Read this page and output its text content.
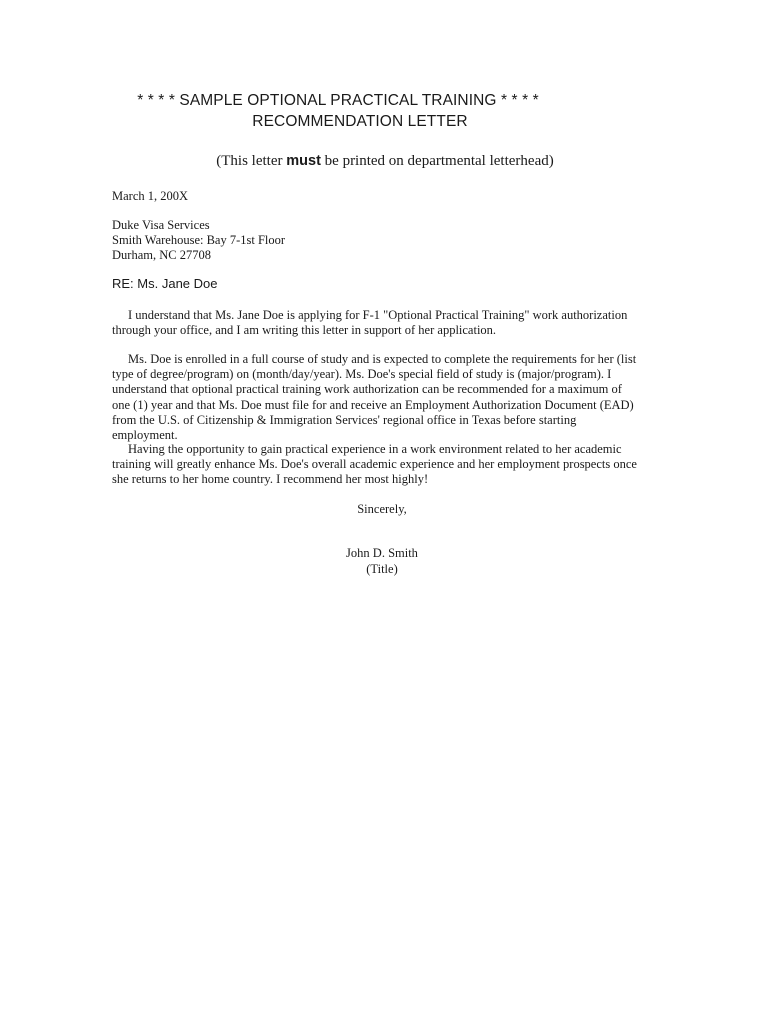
* * * * SAMPLE OPTIONAL PRACTICAL TRAINING * * * *
RECOMMENDATION LETTER
(This letter must be printed on departmental letterhead)
March 1, 200X
Duke Visa Services
Smith Warehouse: Bay 7-1st Floor
Durham, NC 27708
RE: Ms. Jane Doe
I understand that Ms. Jane Doe is applying for F-1 "Optional Practical Training" work authorization through your office, and I am writing this letter in support of her application.
Ms. Doe is enrolled in a full course of study and is expected to complete the requirements for her (list type of degree/program) on (month/day/year). Ms. Doe's special field of study is (major/program). I understand that optional practical training work authorization can be recommended for a maximum of one (1) year and that Ms. Doe must file for and receive an Employment Authorization Document (EAD) from the U.S. of Citizenship & Immigration Services' regional office in Texas before starting employment.
Having the opportunity to gain practical experience in a work environment related to her academic training will greatly enhance Ms. Doe's overall academic experience and her employment prospects once she returns to her home country. I recommend her most highly!
Sincerely,
John D. Smith
(Title)
